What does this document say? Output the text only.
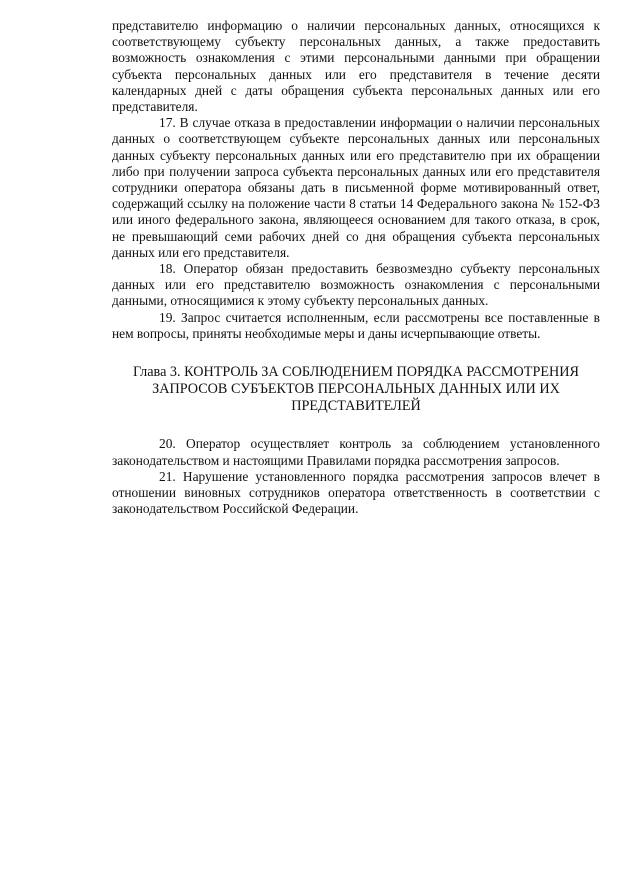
представителю информацию о наличии персональных данных, относящихся к соответствующему субъекту персональных данных, а также предоставить возможность ознакомления с этими персональными данными при обращении субъекта персональных данных или его представителя в течение десяти календарных дней с даты обращения субъекта персональных данных или его представителя.

17. В случае отказа в предоставлении информации о наличии персональных данных о соответствующем субъекте персональных данных или персональных данных субъекту персональных данных или его представителю при их обращении либо при получении запроса субъекта персональных данных или его представителя сотрудники оператора обязаны дать в письменной форме мотивированный ответ, содержащий ссылку на положение части 8 статьи 14 Федерального закона № 152-ФЗ или иного федерального закона, являющееся основанием для такого отказа, в срок, не превышающий семи рабочих дней со дня обращения субъекта персональных данных или его представителя.

18. Оператор обязан предоставить безвозмездно субъекту персональных данных или его представителю возможность ознакомления с персональными данными, относящимися к этому субъекту персональных данных.

19. Запрос считается исполненным, если рассмотрены все поставленные в нем вопросы, приняты необходимые меры и даны исчерпывающие ответы.

Глава 3. КОНТРОЛЬ ЗА СОБЛЮДЕНИЕМ ПОРЯДКА РАССМОТРЕНИЯ
ЗАПРОСОВ СУБЪЕКТОВ ПЕРСОНАЛЬНЫХ ДАННЫХ ИЛИ ИХ
ПРЕДСТАВИТЕЛЕЙ

20. Оператор осуществляет контроль за соблюдением установленного законодательством и настоящими Правилами порядка рассмотрения запросов.

21. Нарушение установленного порядка рассмотрения запросов влечет в отношении виновных сотрудников оператора ответственность в соответствии с законодательством Российской Федерации.
